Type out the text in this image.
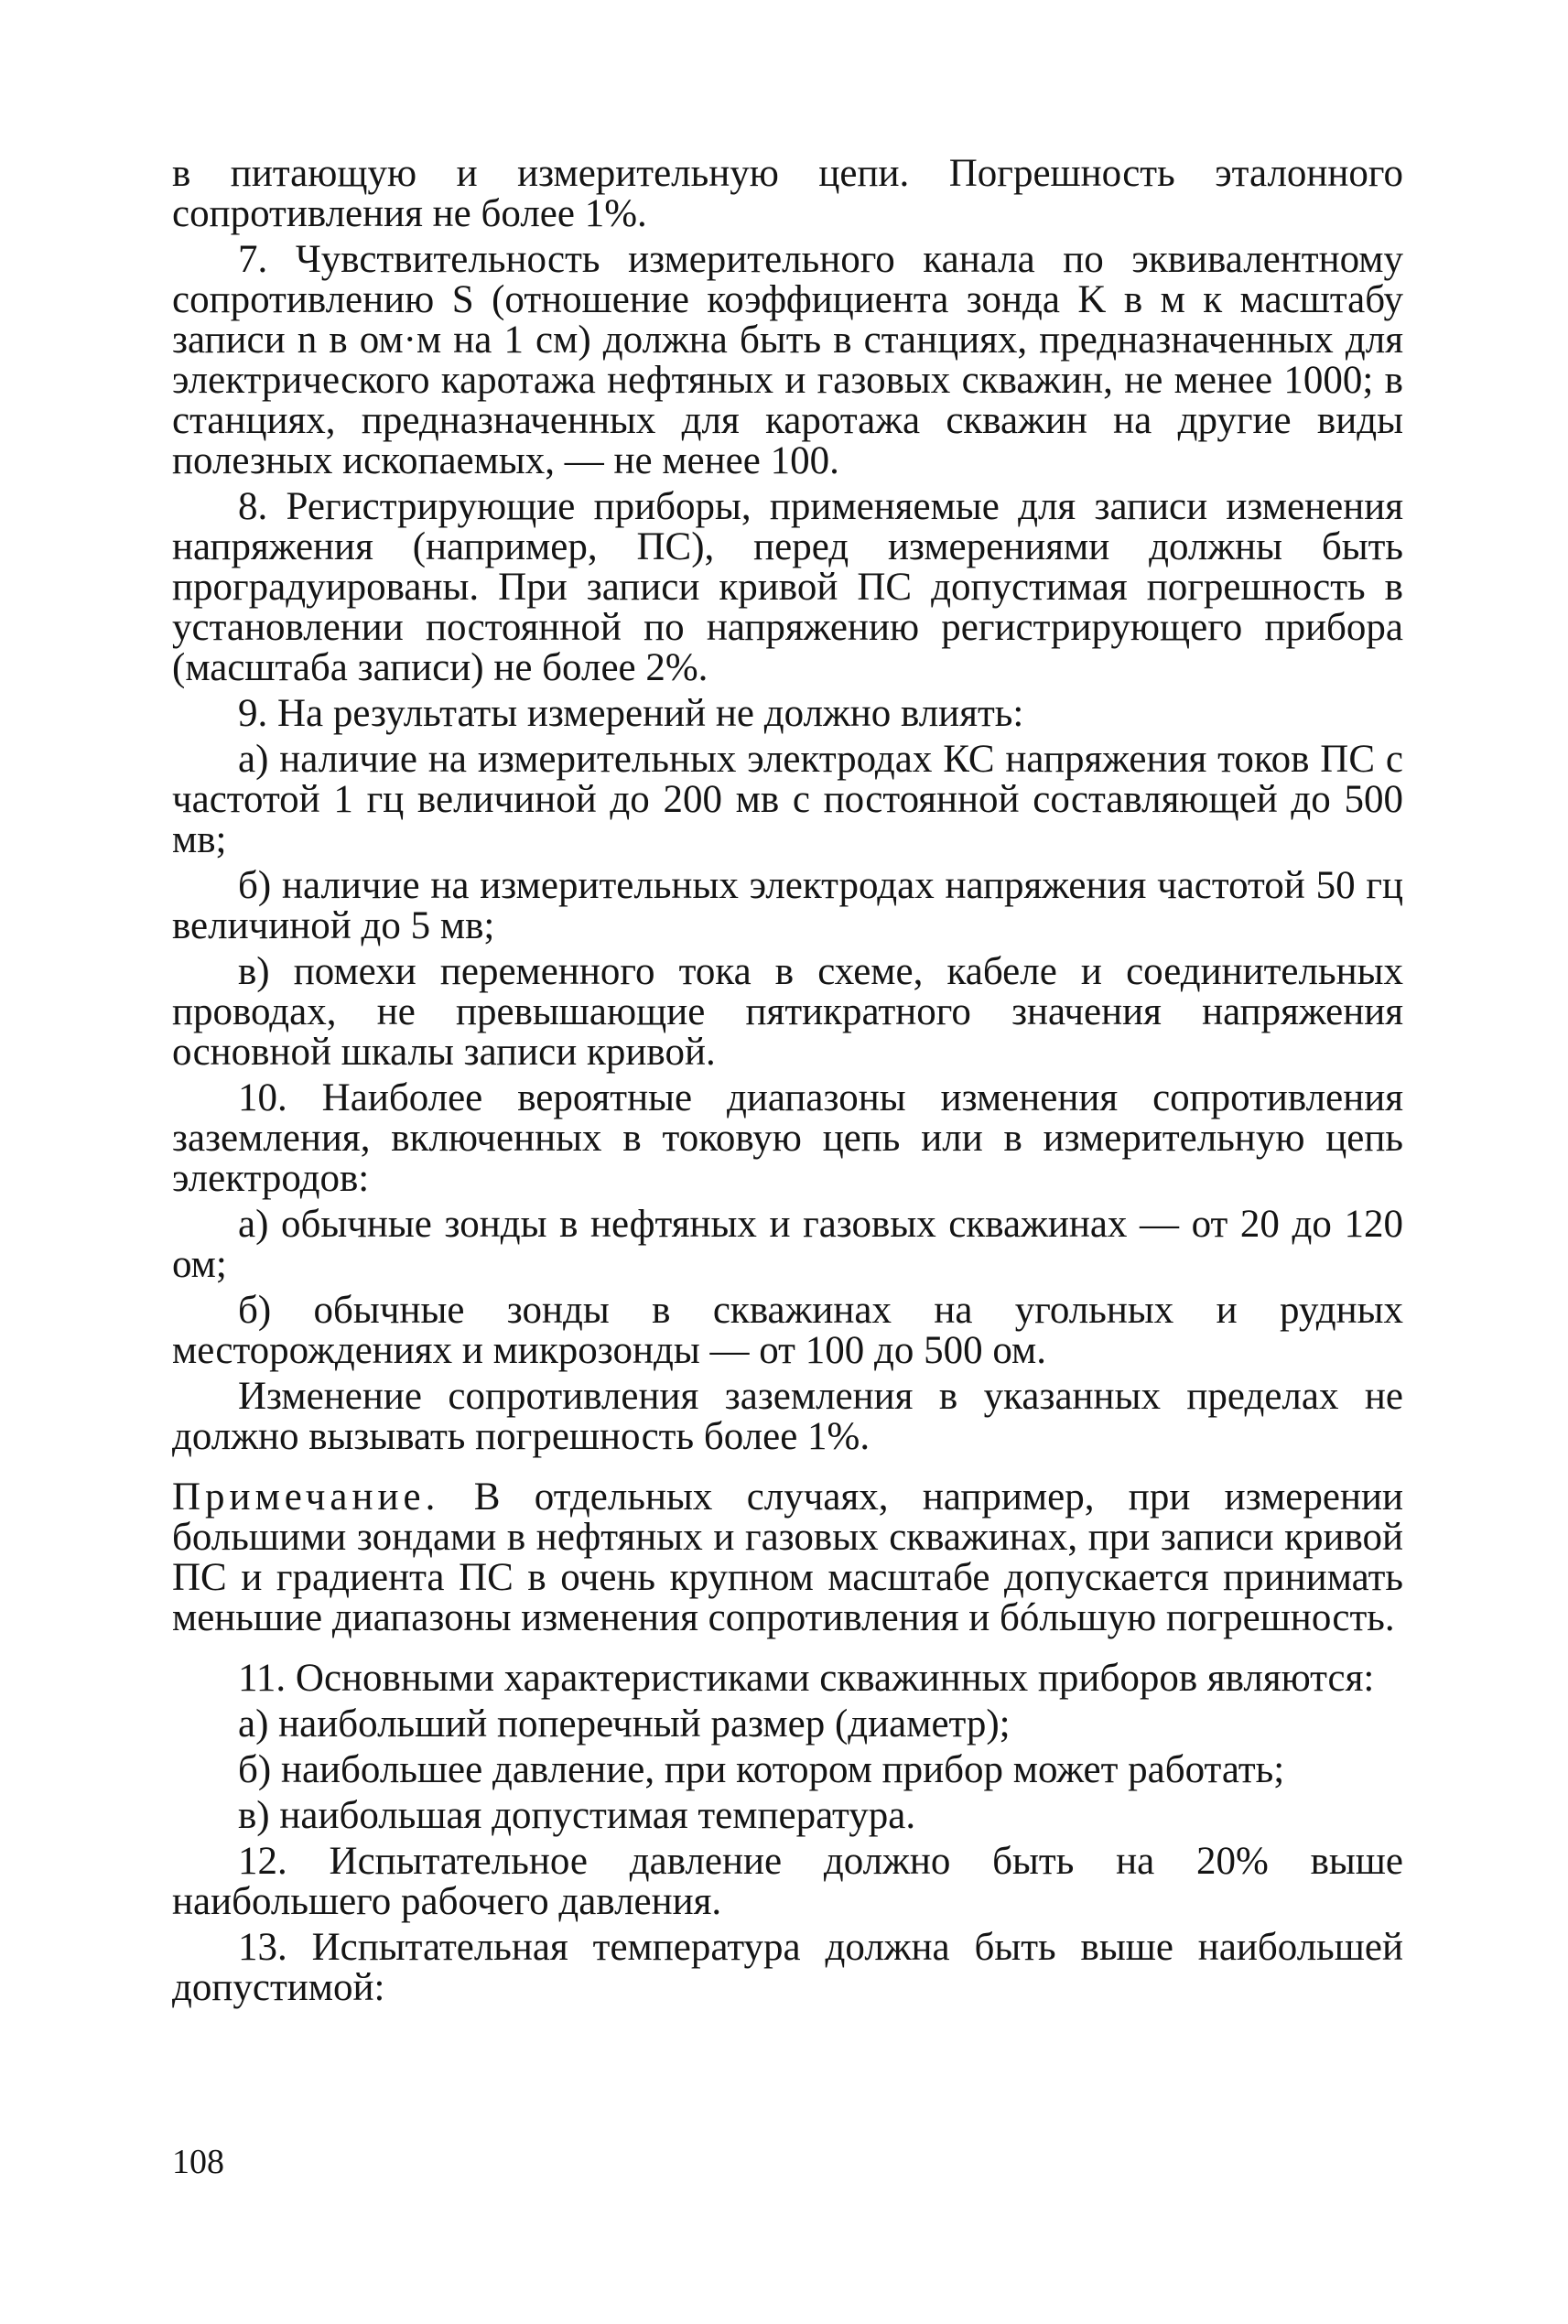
в питающую и измерительную цепи. Погрешность эталонного сопротивления не более 1%.

7. Чувствительность измерительного канала по эквивалентному сопротивлению S (отношение коэффициента зонда K в м к масштабу записи n в ом·м на 1 см) должна быть в станциях, предназначенных для электрического каротажа нефтяных и газовых скважин, не менее 1000; в станциях, предназначенных для каротажа скважин на другие виды полезных ископаемых, — не менее 100.

8. Регистрирующие приборы, применяемые для записи изменения напряжения (например, ПС), перед измерениями должны быть проградуированы. При записи кривой ПС допустимая погрешность в установлении постоянной по напряжению регистрирующего прибора (масштаба записи) не более 2%.

9. На результаты измерений не должно влиять:

а) наличие на измерительных электродах КС напряжения токов ПС с частотой 1 гц величиной до 200 мв с постоянной составляющей до 500 мв;

б) наличие на измерительных электродах напряжения частотой 50 гц величиной до 5 мв;

в) помехи переменного тока в схеме, кабеле и соединительных проводах, не превышающие пятикратного значения напряжения основной шкалы записи кривой.

10. Наиболее вероятные диапазоны изменения сопротивления заземления, включенных в токовую цепь или в измерительную цепь электродов:

а) обычные зонды в нефтяных и газовых скважинах — от 20 до 120 ом;

б) обычные зонды в скважинах на угольных и рудных месторождениях и микрозонды — от 100 до 500 ом.

Изменение сопротивления заземления в указанных пределах не должно вызывать погрешность более 1%.

Примечание. В отдельных случаях, например, при измерении большими зондами в нефтяных и газовых скважинах, при записи кривой ПС и градиента ПС в очень крупном масштабе допускается принимать меньшие диапазоны изменения сопротивления и бóльшую погрешность.

11. Основными характеристиками скважинных приборов являются:

а) наибольший поперечный размер (диаметр);

б) наибольшее давление, при котором прибор может работать;

в) наибольшая допустимая температура.

12. Испытательное давление должно быть на 20% выше наибольшего рабочего давления.

13. Испытательная температура должна быть выше наибольшей допустимой:

108
